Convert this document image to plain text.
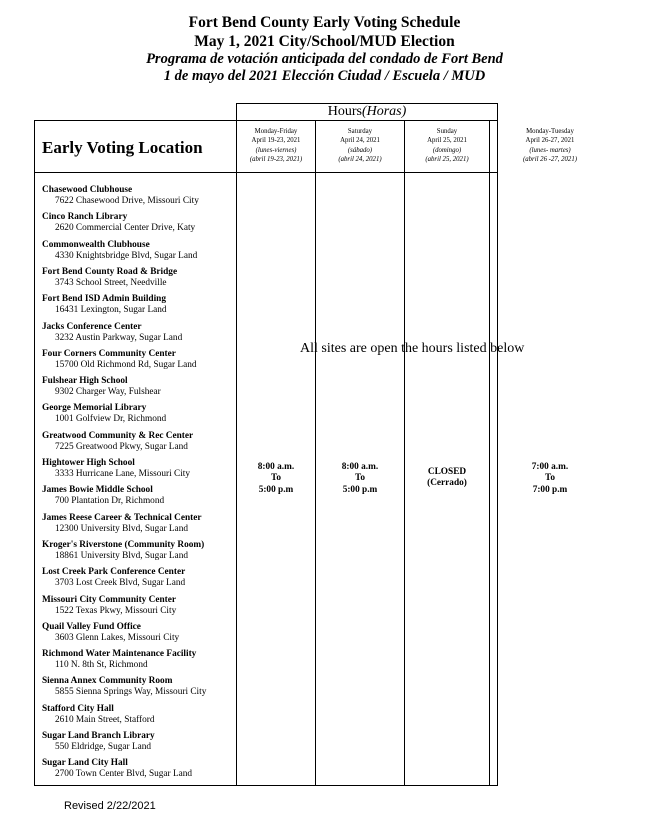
Fort Bend County Early Voting Schedule
May 1, 2021 City/School/MUD Election
Programa de votación anticipada del condado de Fort Bend
1 de mayo del 2021 Elección Ciudad / Escuela / MUD
Hours(Horas)
Monday-Friday
April 19-23, 2021
(lunes-viernes)
(abril 19-23, 2021)
Saturday
April 24, 2021
(sábado)
(abril 24, 2021)
Sunday
April 25, 2021
(domingo)
(abril 25, 2021)
Monday-Tuesday
April 26-27, 2021
(lunes- martes)
(abril 26 -27, 2021)
Early Voting Location
Chasewood Clubhouse
7622 Chasewood Drive, Missouri City
Cinco Ranch Library
2620 Commercial Center Drive, Katy
Commonwealth Clubhouse
4330 Knightsbridge Blvd, Sugar Land
Fort Bend County Road & Bridge
3743 School Street, Needville
Fort Bend ISD Admin Building
16431 Lexington, Sugar Land
Jacks Conference Center
3232 Austin Parkway, Sugar Land
Four Corners Community Center
15700 Old Richmond Rd, Sugar Land
Fulshear High School
9302 Charger Way, Fulshear
George Memorial Library
1001 Golfview Dr, Richmond
Greatwood Community & Rec Center
7225 Greatwood Pkwy, Sugar Land
Hightower High School
3333 Hurricane Lane, Missouri City
James Bowie Middle School
700 Plantation Dr, Richmond
James Reese Career & Technical Center
12300 University Blvd, Sugar Land
Kroger's Riverstone (Community Room)
18861 University Blvd, Sugar Land
Lost Creek Park Conference Center
3703 Lost Creek Blvd, Sugar Land
Missouri City Community Center
1522 Texas Pkwy, Missouri City
Quail Valley Fund Office
3603 Glenn Lakes, Missouri City
Richmond Water Maintenance Facility
110 N. 8th St, Richmond
Sienna Annex Community Room
5855 Sienna Springs Way, Missouri City
Stafford City Hall
2610 Main Street, Stafford
Sugar Land Branch Library
550 Eldridge, Sugar Land
Sugar Land City Hall
2700 Town Center Blvd, Sugar Land
All sites are open the hours listed below
8:00 a.m.
To
5:00 p.m
8:00 a.m.
To
5:00 p.m
CLOSED
(Cerrado)
7:00 a.m.
To
7:00 p.m
Revised 2/22/2021
